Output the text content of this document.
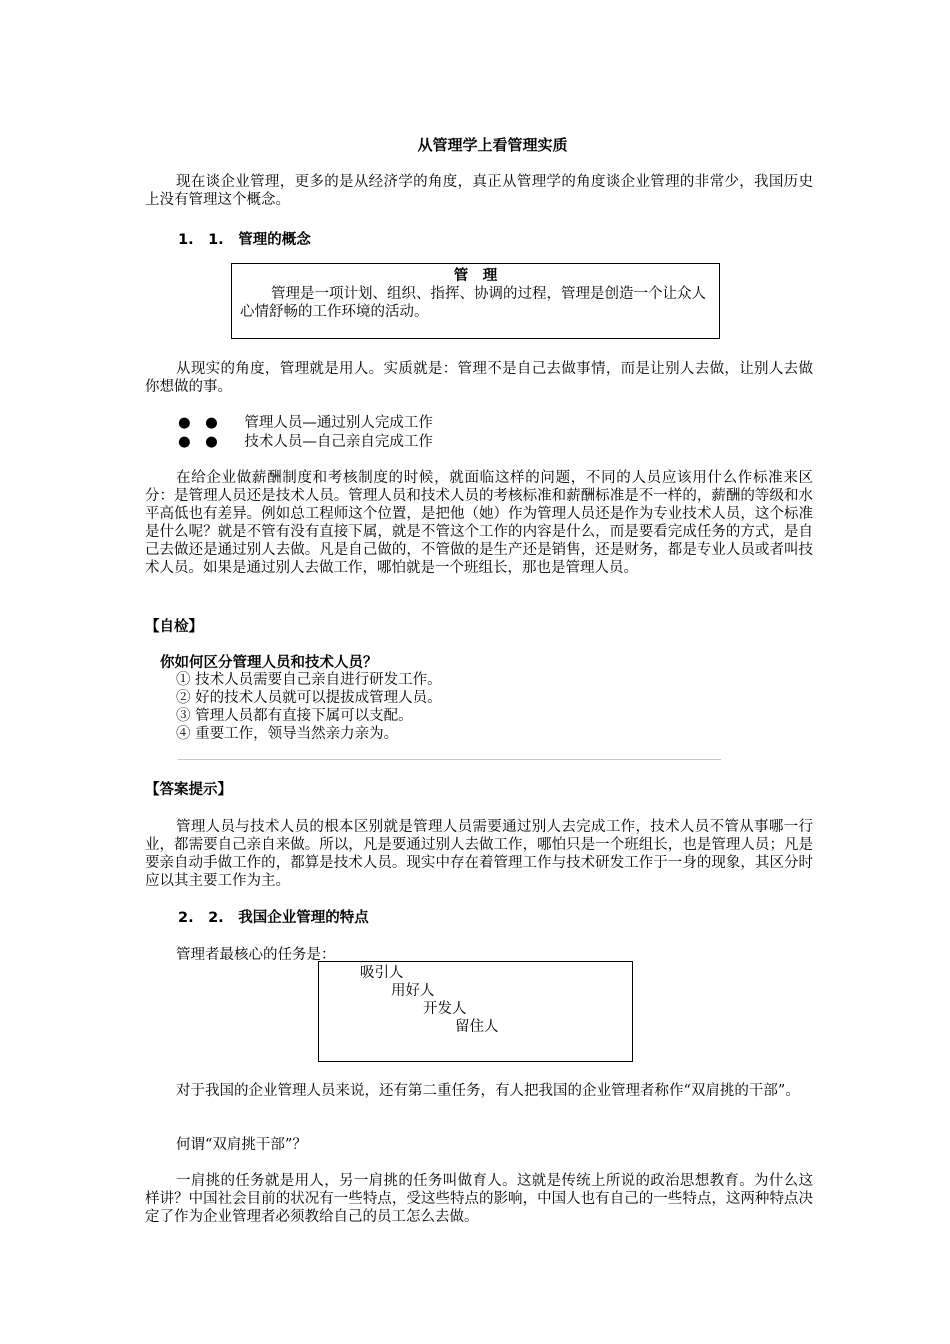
从管理学上看管理实质
现在谈企业管理，更多的是从经济学的角度，真正从管理学的角度谈企业管理的非常少，我国历史上没有管理这个概念。
1.　1.　管理的概念
管　理
管理是一项计划、组织、指挥、协调的过程，管理是创造一个让众人心情舒畅的工作环境的活动。
从现实的角度，管理就是用人。实质就是：管理不是自己去做事情，而是让别人去做，让别人去做你想做的事。
●　● 管理人员—通过别人完成工作
●　● 技术人员—自己亲自完成工作
在给企业做薪酬制度和考核制度的时候，就面临这样的问题，不同的人员应该用什么作标准来区分：是管理人员还是技术人员。管理人员和技术人员的考核标准和薪酬标准是不一样的，薪酬的等级和水平高低也有差异。例如总工程师这个位置，是把他（她）作为管理人员还是作为专业技术人员，这个标准是什么呢？就是不管有没有直接下属，就是不管这个工作的内容是什么，而是要看完成任务的方式，是自己去做还是通过别人去做。凡是自己做的，不管做的是生产还是销售，还是财务，都是专业人员或者叫技术人员。如果是通过别人去做工作，哪怕就是一个班组长，那也是管理人员。
【自检】
你如何区分管理人员和技术人员？
① 技术人员需要自己亲自进行研发工作。
② 好的技术人员就可以提拔成管理人员。
③ 管理人员都有直接下属可以支配。
④ 重要工作，领导当然亲力亲为。
【答案提示】
管理人员与技术人员的根本区别就是管理人员需要通过别人去完成工作，技术人员不管从事哪一行业，都需要自己亲自来做。所以，凡是要通过别人去做工作，哪怕只是一个班组长，也是管理人员；凡是要亲自动手做工作的，都算是技术人员。现实中存在着管理工作与技术研发工作于一身的现象，其区分时应以其主要工作为主。
2.　2.　我国企业管理的特点
管理者最核心的任务是：
吸引人
用好人
开发人
留住人
对于我国的企业管理人员来说，还有第二重任务，有人把我国的企业管理者称作“双肩挑的干部”。
何谓“双肩挑干部”？
一肩挑的任务就是用人，另一肩挑的任务叫做育人。这就是传统上所说的政治思想教育。为什么这样讲？中国社会目前的状况有一些特点，受这些特点的影响，中国人也有自己的一些特点，这两种特点决定了作为企业管理者必须教给自己的员工怎么去做。
